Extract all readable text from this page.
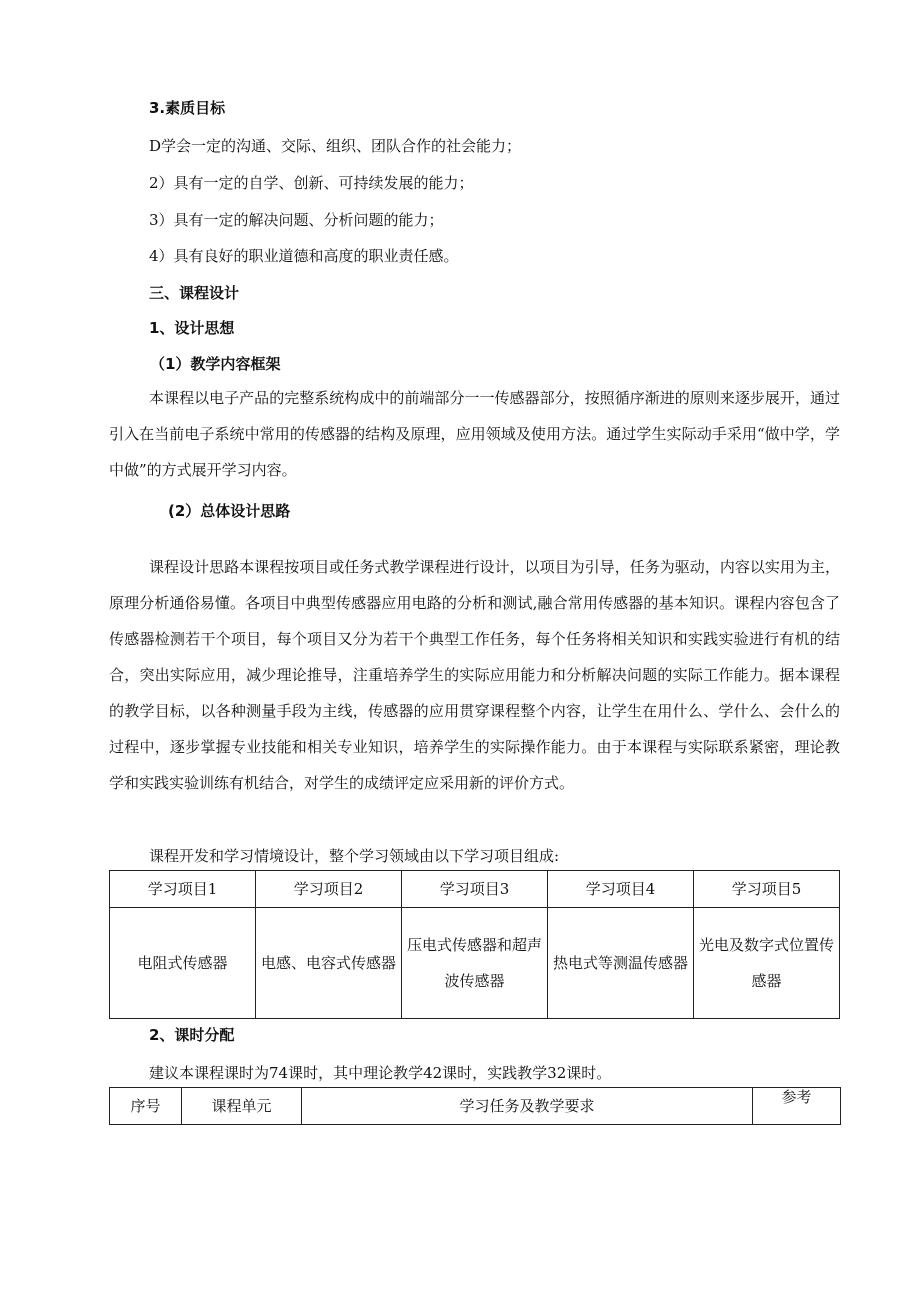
3.素质目标
D学会一定的沟通、交际、组织、团队合作的社会能力；
2）具有一定的自学、创新、可持续发展的能力；
3）具有一定的解决问题、分析问题的能力；
4）具有良好的职业道德和高度的职业责任感。
三、课程设计
1、设计思想
（1）教学内容框架
本课程以电子产品的完整系统构成中的前端部分一一传感器部分，按照循序渐进的原则来逐步展开，通过引入在当前电子系统中常用的传感器的结构及原理，应用领域及使用方法。通过学生实际动手采用“做中学，学中做”的方式展开学习内容。
(2）总体设计思路
课程设计思路本课程按项目或任务式教学课程进行设计，以项目为引导，任务为驱动，内容以实用为主，原理分析通俗易懂。各项目中典型传感器应用电路的分析和测试,融合常用传感器的基本知识。课程内容包含了传感器检测若干个项目，每个项目又分为若干个典型工作任务，每个任务将相关知识和实践实验进行有机的结合，突出实际应用，减少理论推导，注重培养学生的实际应用能力和分析解决问题的实际工作能力。据本课程的教学目标，以各种测量手段为主线，传感器的应用贯穿课程整个内容，让学生在用什么、学什么、会什么的过程中，逐步掌握专业技能和相关专业知识，培养学生的实际操作能力。由于本课程与实际联系紧密，理论教学和实践实验训练有机结合，对学生的成绩评定应采用新的评价方式。
课程开发和学习情境设计，整个学习领域由以下学习项目组成:
学习项目1	学习项目2	学习项目3	学习项目4	学习项目5
电阻式传感器	电感、电容式传感器	压电式传感器和超声波传感器	热电式等测温传感器	光电及数字式位置传感器
2、课时分配
建议本课程课时为74课时，其中理论教学42课时，实践教学32课时。
序号	课程单元	学习任务及教学要求	参考
